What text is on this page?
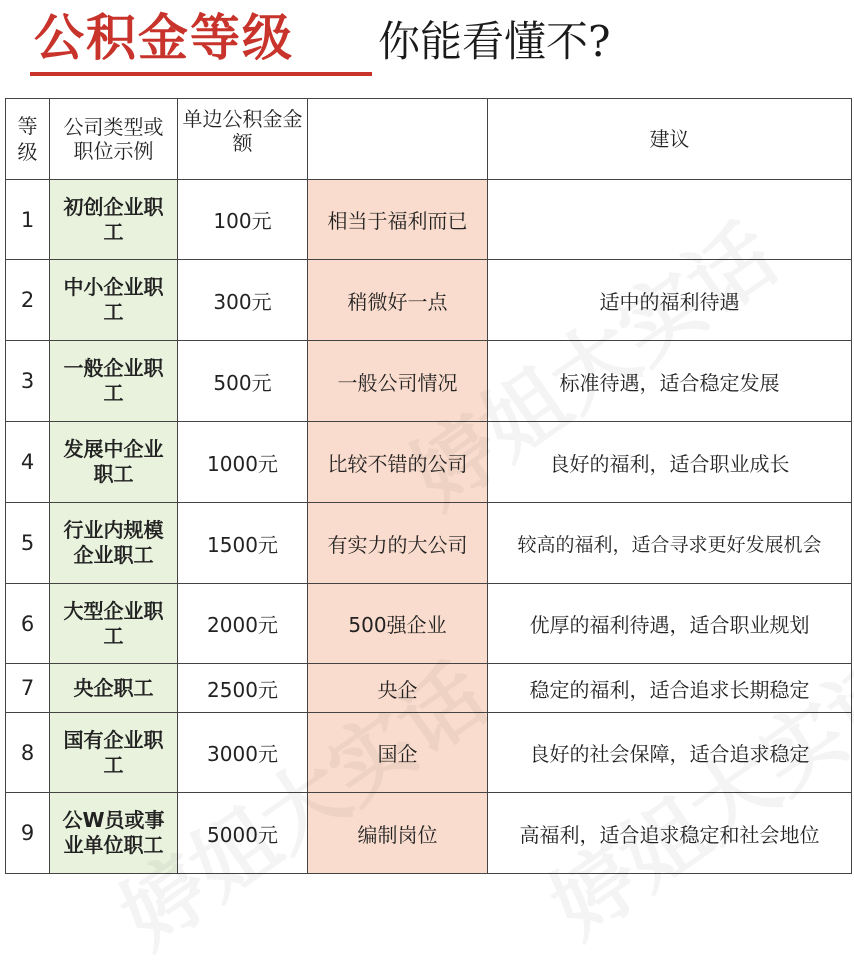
公积金等级 你能看懂不?
等级	公司类型或职位示例	单边公积金金额		建议
1	初创企业职工	100元	相当于福利而已	
2	中小企业职工	300元	稍微好一点	适中的福利待遇
3	一般企业职工	500元	一般公司情况	标准待遇，适合稳定发展
4	发展中企业职工	1000元	比较不错的公司	良好的福利，适合职业成长
5	行业内规模企业职工	1500元	有实力的大公司	较高的福利，适合寻求更好发展机会
6	大型企业职工	2000元	500强企业	优厚的福利待遇，适合职业规划
7	央企职工	2500元	央企	稳定的福利，适合追求长期稳定
8	国有企业职工	3000元	国企	良好的社会保障，适合追求稳定
9	公W员或事业单位职工	5000元	编制岗位	高福利，适合追求稳定和社会地位
